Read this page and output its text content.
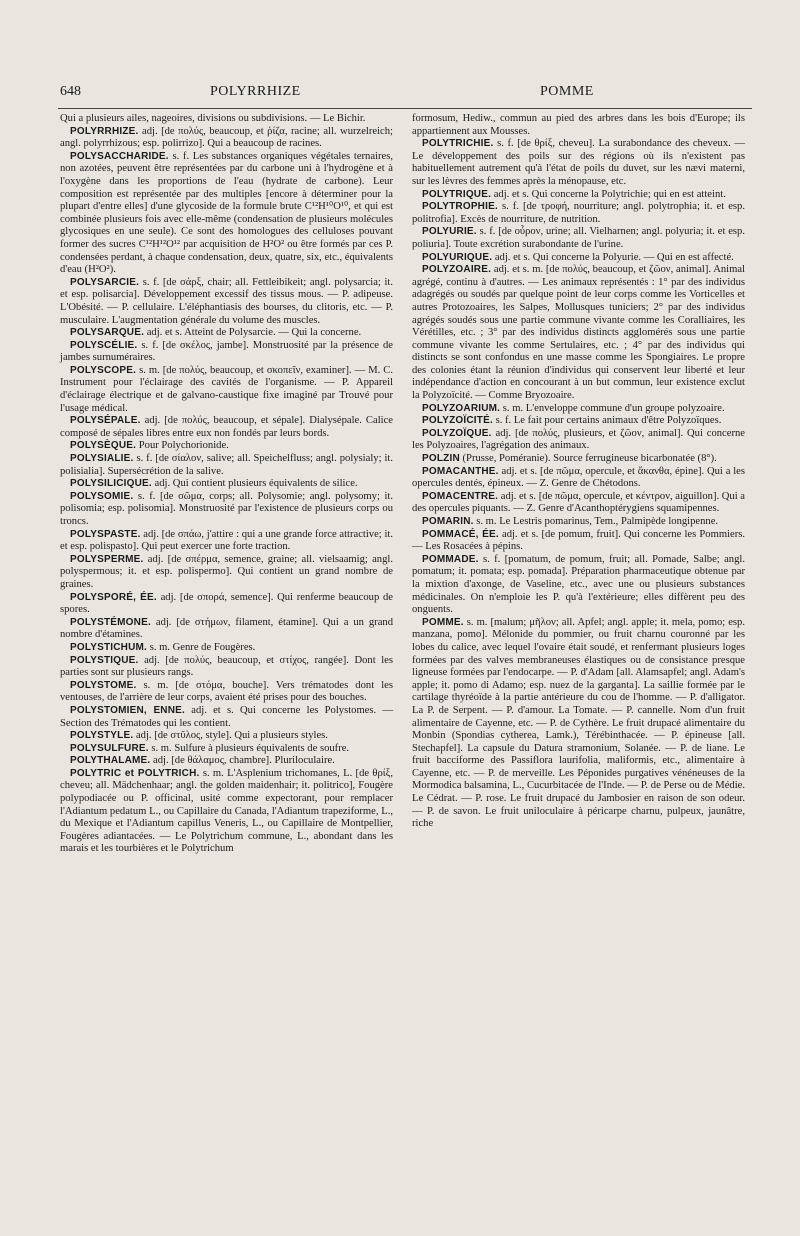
648	POLYRRHIZE	POMME

Qui a plusieurs ailes, nageoires, divisions ou subdivisions. — Le Bichir.

POLYRRHIZE. adj. [de πολύς, beaucoup, et ῥίζα, racine; all. wurzelreich; angl. polyrrhizous; esp. polirrizo]. Qui a beaucoup de racines.

POLYSACCHARIDE. s. f. Les substances organiques végétales ternaires, non azotées, peuvent être représentées par du carbone uni à l'hydrogène et à l'oxygène dans les proportions de l'eau (hydrate de carbone). Leur composition est représentée par des multiples [encore à déterminer pour la plupart d'entre elles] d'une glycoside de la formule brute C¹²H¹⁰O¹⁰, et qui est combinée plusieurs fois avec elle-même (condensation de plusieurs molécules glycosiques en une seule). Ce sont des homologues des celluloses pouvant former des sucres C¹²H¹²O¹² par acquisition de H²O² ou être formés par ces P. condensées perdant, à chaque condensation, deux, quatre, six, etc., équivalents d'eau (H²O²).

POLYSARCIE. s. f. [de σάρξ, chair; all. Fettleibikeit; angl. polysarcia; it. et esp. polisarcia]. Développement excessif des tissus mous. — P. adipeuse. L'Obésité. — P. cellulaire. L'éléphantiasis des bourses, du clitoris, etc. — P. musculaire. L'augmentation générale du volume des muscles.

POLYSARQUE. adj. et s. Atteint de Polysarcie. — Qui la concerne.

POLYSCÉLIE. s. f. [de σκέλος, jambe]. Monstruosité par la présence de jambes surnuméraires.

POLYSCOPE. s. m. [de πολύς, beaucoup, et σκοπεῖν, examiner]. — M. C. Instrument pour l'éclairage des cavités de l'organisme. — P. Appareil d'éclairage électrique et de galvano-caustique fixe imaginé par Trouvé pour l'usage médical.

POLYSÉPALE. adj. [de πολύς, beaucoup, et sépale]. Dialysépale. Calice composé de sépales libres entre eux non fondés par leurs bords.

POLYSÈQUE. Pour Polychorionide.

POLYSIALIE. s. f. [de σίαλον, salive; all. Speichelfluss; angl. polysialy; it. polisialia]. Supersécrétion de la salive.

POLYSILICIQUE. adj. Qui contient plusieurs équivalents de silice.

POLYSOMIE. s. f. [de σῶμα, corps; all. Polysomie; angl. polysomy; it. polisomia; esp. polisomia]. Monstruosité par l'existence de plusieurs corps ou troncs.

POLYSPASTE. adj. [de σπάω, j'attire : qui a une grande force attractive; it. et esp. polispasto]. Qui peut exercer une forte traction.

POLYSPERME. adj. [de σπέρμα, semence, graine; all. vielsaamig; angl. polyspermous; it. et esp. polispermo]. Qui contient un grand nombre de graines.

POLYSPORÉ, ÉE. adj. [de σπορά, semence]. Qui renferme beaucoup de spores.

POLYSTÉMONE. adj. [de στήμων, filament, étamine]. Qui a un grand nombre d'étamines.

POLYSTICHUM. s. m. Genre de Fougères.

POLYSTIQUE. adj. [de πολύς, beaucoup, et στίχος, rangée]. Dont les parties sont sur plusieurs rangs.

POLYSTOME. s. m. [de στόμα, bouche]. Vers trématodes dont les ventouses, de l'arrière de leur corps, avaient été prises pour des bouches.

POLYSTOMIEN, ENNE. adj. et s. Qui concerne les Polystomes. — Section des Trématodes qui les contient.

POLYSTYLE. adj. [de στῦλος, style]. Qui a plusieurs styles.

POLYSULFURE. s. m. Sulfure à plusieurs équivalents de soufre.

POLYTHALAME. adj. [de θάλαμος, chambre]. Pluriloculaire.

POLYTRIC et POLYTRICH. s. m. L'Asplenium trichomanes, L. [de θρίξ, cheveu; all. Mädchenhaar; angl. the golden maidenhair; it. politrico], Fougère polypodiacée ou P. officinal, usité comme expectorant, pour remplacer l'Adiantum pedatum L., ou Capillaire du Canada, l'Adiantum trapeziforme, L., du Mexique et l'Adiantum capillus Veneris, L., ou Capillaire de Montpellier, Fougères adiantacées. — Le Polytrichum commune, L., abondant dans les marais et les tourbières et le Polytrichum

formosum, Hediw., commun au pied des arbres dans les bois d'Europe; ils appartiennent aux Mousses.

POLYTRICHIE. s. f. [de θρίξ, cheveu]. La surabondance des cheveux. — Le développement des poils sur des régions où ils n'existent pas habituellement autrement qu'à l'état de poils du duvet, sur les nævi materni, sur les lèvres des femmes après la ménopause, etc.

POLYTRIQUE. adj. et s. Qui concerne la Polytrichie; qui en est atteint.

POLYTROPHIE. s. f. [de τροφή, nourriture; angl. polytrophia; it. et esp. politrofia]. Excès de nourriture, de nutrition.

POLYURIE. s. f. [de οὖρον, urine; all. Vielharnen; angl. polyuria; it. et esp. poliuria]. Toute excrétion surabondante de l'urine.

POLYURIQUE. adj. et s. Qui concerne la Polyurie. — Qui en est affecté.

POLYZOAIRE. adj. et s. m. [de πολύς, beaucoup, et ζῶον, animal]. Animal agrégé, continu à d'autres. — Les animaux représentés : 1° par des individus adagrégés ou soudés par quelque point de leur corps comme les Vorticelles et autres Protozoaires, les Salpes, Mollusques tuniciers; 2° par des individus agrégés soudés sous une partie commune vivante comme les Coralliaires, les Vérétilles, etc. ; 3° par des individus distincts agglomérés sous une partie commune vivante les comme Sertulaires, etc. ; 4° par des individus qui distincts se sont confondus en une masse comme les Spongiaires. Le propre des colonies étant la réunion d'individus qui conservent leur liberté et leur indépendance d'action en concourant à un but commun, leur existence exclut la Polyzoïcité. — Comme Bryozoaire.

POLYZOARIUM. s. m. L'enveloppe commune d'un groupe polyzoaire.

POLYZOÏCITÉ. s. f. Le fait pour certains animaux d'être Polyzoïques.

POLYZOÏQUE. adj. [de πολύς, plusieurs, et ζῶον, animal]. Qui concerne les Polyzoaires, l'agrégation des animaux.

POLZIN (Prusse, Poméranie). Source ferrugineuse bicarbonatée (8°).

POMACANTHE. adj. et s. [de πῶμα, opercule, et ἄκανθα, épine]. Qui a les opercules dentés, épineux. — Z. Genre de Chétodons.

POMACENTRE. adj. et s. [de πῶμα, opercule, et κέντρον, aiguillon]. Qui a des opercules piquants. — Z. Genre d'Acanthoptérygiens squamipennes.

POMARIN. s. m. Le Lestris pomarinus, Tem., Palmipède longipenne.

POMMACÉ, ÉE. adj. et s. [de pomum, fruit]. Qui concerne les Pommiers. — Les Rosacées à pépins.

POMMADE. s. f. [pomatum, de pomum, fruit; all. Pomade, Salbe; angl. pomatum; it. pomata; esp. pomada]. Préparation pharmaceutique obtenue par la mixtion d'axonge, de Vaseline, etc., avec une ou plusieurs substances médicinales. On n'emploie les P. qu'à l'extérieure; elles diffèrent peu des onguents.

POMME. s. m. [malum; μῆλον; all. Apfel; angl. apple; it. mela, pomo; esp. manzana, pomo]. Mélonide du pommier, ou fruit charnu couronné par les lobes du calice, avec lequel l'ovaire était soudé, et renfermant plusieurs loges formées par des valves membraneuses élastiques ou de consistance presque ligneuse formées par l'endocarpe. — P. d'Adam [all. Alamsapfel; angl. Adam's apple; it. pomo di Adamo; esp. nuez de la garganta]. La saillie formée par le cartilage thyréoïde à la partie antérieure du cou de l'homme. — P. d'alligator. La P. de Serpent. — P. d'amour. La Tomate. — P. cannelle. Nom d'un fruit alimentaire de Cayenne, etc. — P. de Cythère. Le fruit drupacé alimentaire du Monbin (Spondias cytherea, Lamk.), Térébinthacée. — P. épineuse [all. Stechapfel]. La capsule du Datura stramonium, Solanée. — P. de liane. Le fruit bacciforme des Passiflora laurifolia, maliformis, etc., alimentaire à Cayenne, etc. — P. de merveille. Les Péponides purgatives vénéneuses de la Mormodica balsamina, L., Cucurbitacée de l'Inde. — P. de Perse ou de Médie. Le Cédrat. — P. rose. Le fruit drupacé du Jambosier en raison de son odeur. — P. de savon. Le fruit uniloculaire à péricarpe charnu, pulpeux, jaunâtre, riche
